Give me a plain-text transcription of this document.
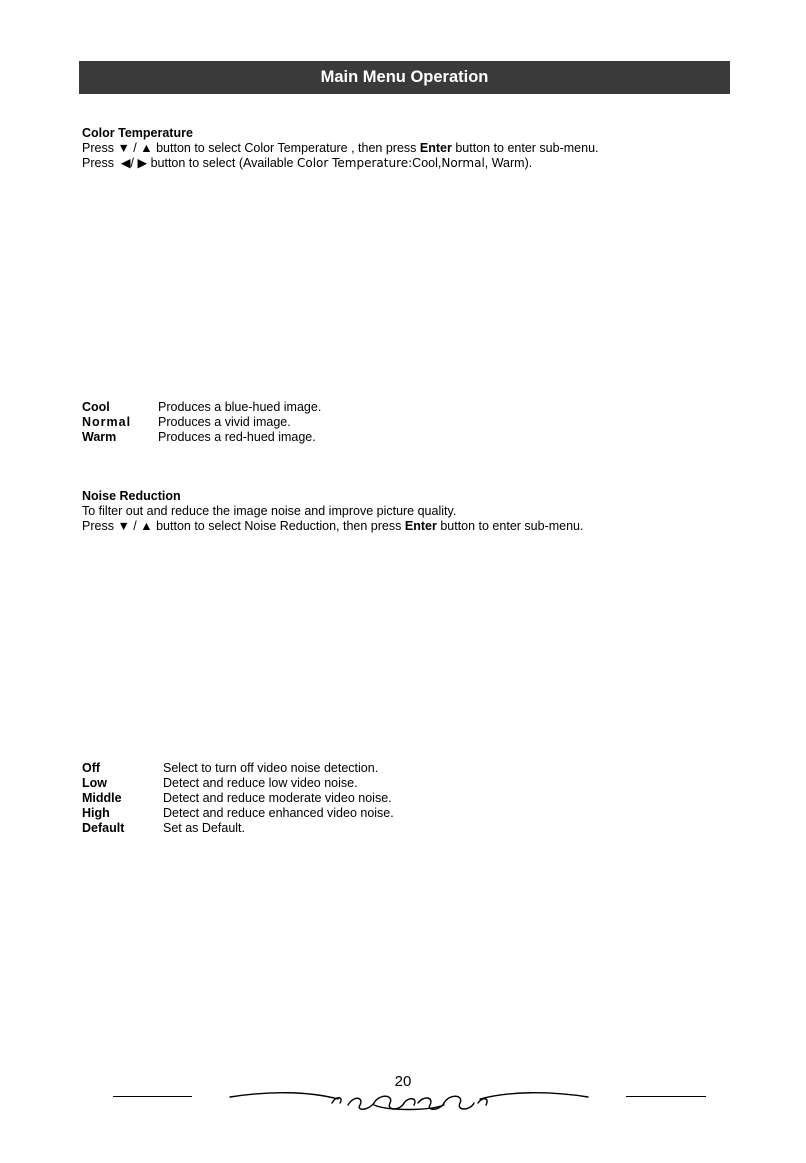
Main Menu Operation
Color Temperature
Press ▼ / ▲ button to select Color Temperature , then press Enter button to enter sub-menu.
Press ◀/ ▶ button to select (Available Color Temperature:Cool,Normal, Warm).
Cool	Produces a blue-hued image.
Normal Produces a vivid image.
Warm	Produces a red-hued image.
Noise Reduction
To filter out and reduce the image noise and improve picture quality.
Press ▼ / ▲ button to select Noise Reduction, then press Enter button to enter sub-menu.
Off	Select to turn off video noise detection.
Low	Detect and reduce low video noise.
Middle	Detect and reduce moderate video noise.
High	Detect and reduce enhanced video noise.
Default	Set as Default.
20
